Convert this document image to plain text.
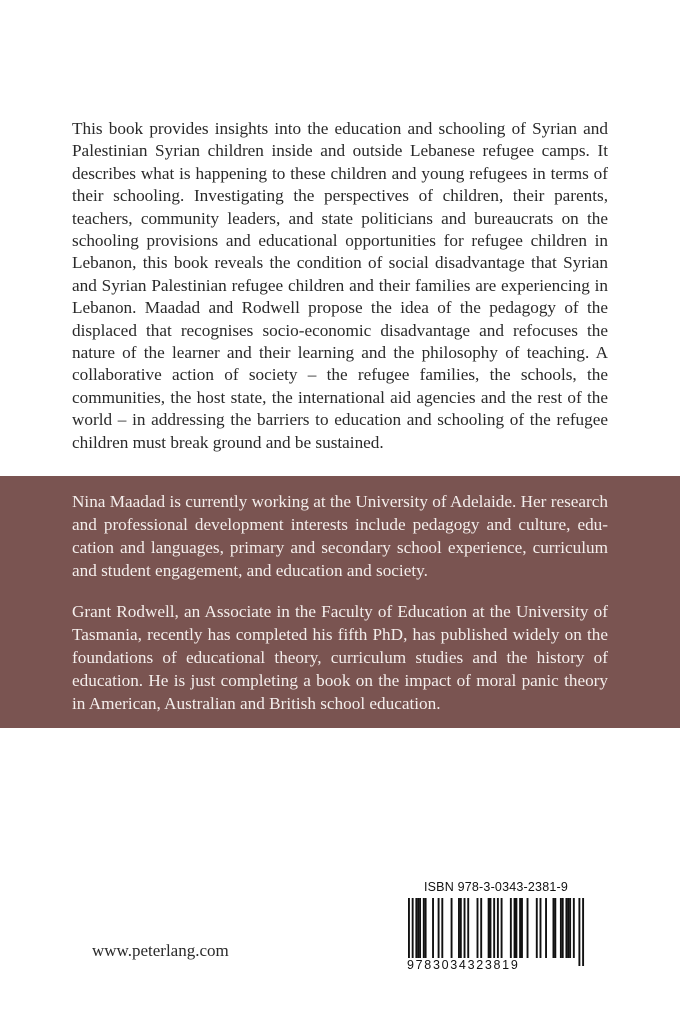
This book provides insights into the education and schooling of Syrian and Palestinian Syrian children inside and outside Lebanese refugee camps. It describes what is happening to these children and young refugees in terms of their schooling. Investigating the perspectives of children, their parents, teachers, community leaders, and state politicians and bureaucrats on the schooling provisions and educational opportunities for refugee children in Lebanon, this book reveals the condition of social disadvantage that Syrian and Syrian Palestinian refugee children and their families are experiencing in Lebanon. Maadad and Rodwell propose the idea of the pedagogy of the displaced that recognises socio-economic disadvantage and refocuses the nature of the learner and their learning and the philosophy of teaching. A collaborative action of society – the refugee families, the schools, the communities, the host state, the international aid agencies and the rest of the world – in addressing the barriers to education and schooling of the refugee children must break ground and be sustained.

Nina Maadad is currently working at the University of Adelaide. Her research and professional development interests include pedagogy and culture, education and languages, primary and secondary school experience, curriculum and student engagement, and education and society.

Grant Rodwell, an Associate in the Faculty of Education at the University of Tasmania, recently has completed his fifth PhD, has published widely on the foundations of educational theory, curriculum studies and the history of education. He is just completing a book on the impact of moral panic theory in American, Australian and British school education.

www.peterlang.com

ISBN 978-3-0343-2381-9
9783034323819
